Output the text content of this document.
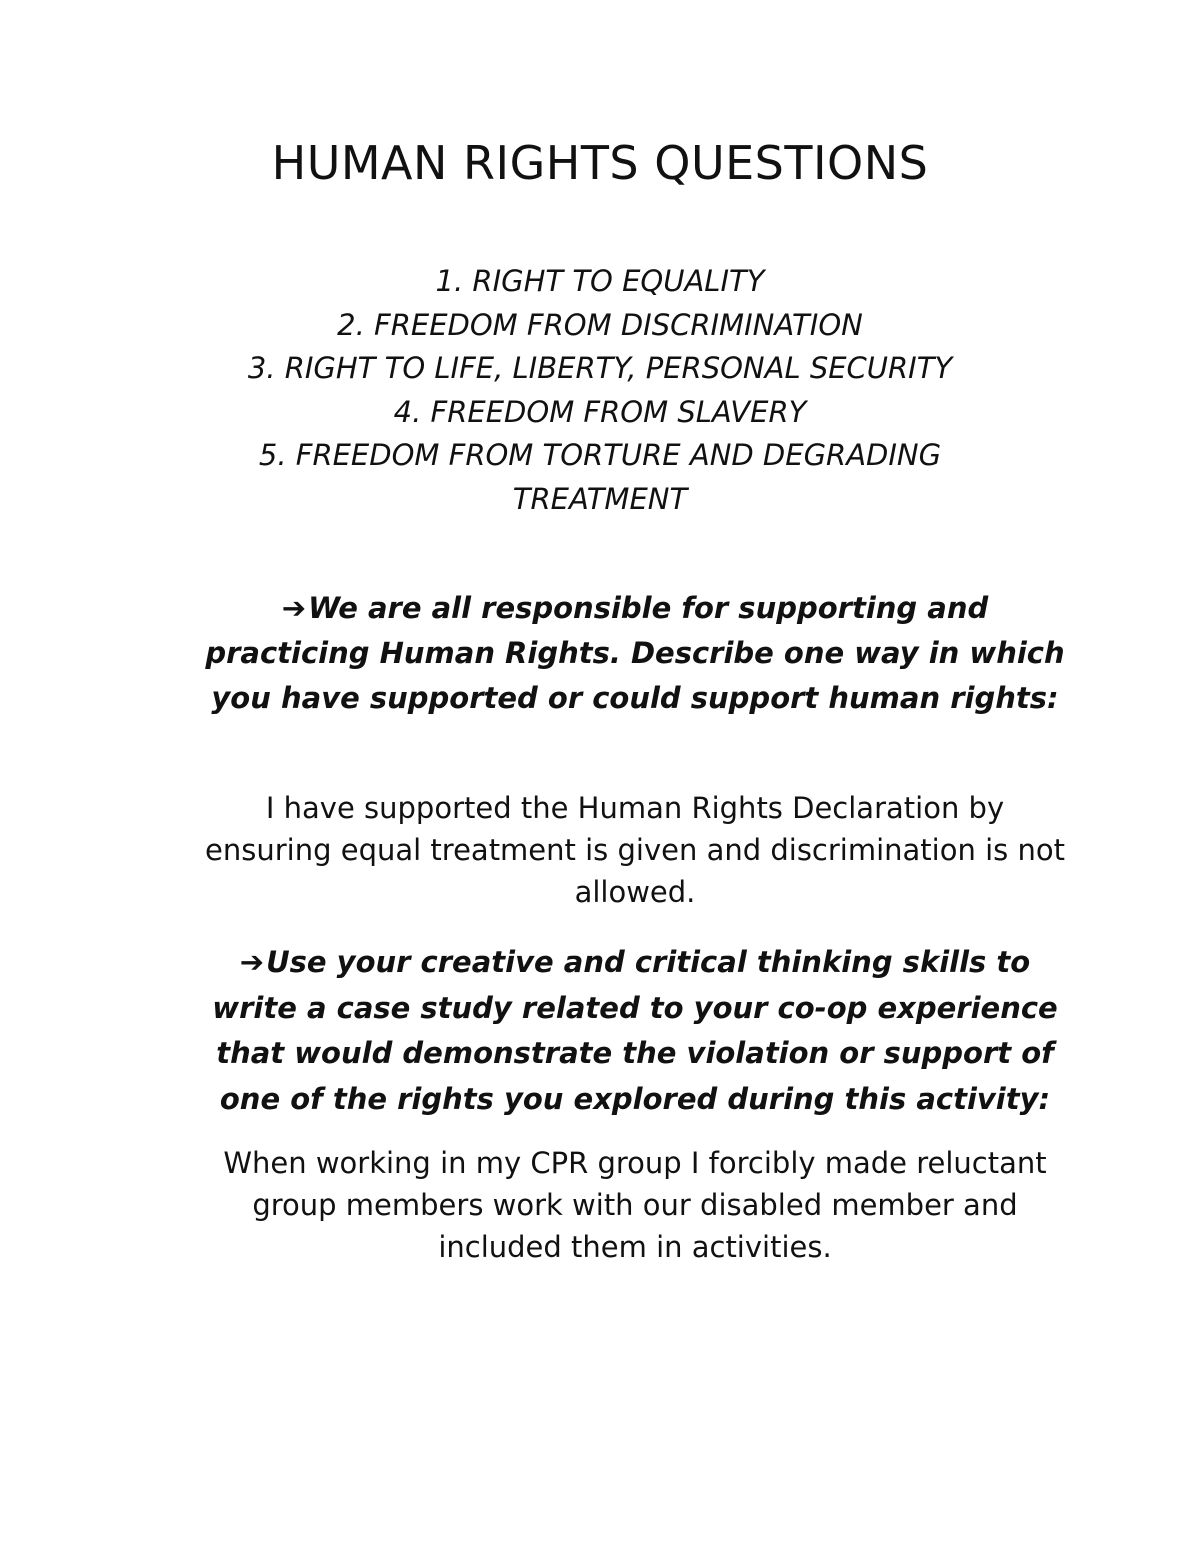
HUMAN RIGHTS QUESTIONS
1. RIGHT TO EQUALITY
2. FREEDOM FROM DISCRIMINATION
3. RIGHT TO LIFE, LIBERTY, PERSONAL SECURITY
4. FREEDOM FROM SLAVERY
5. FREEDOM FROM TORTURE AND DEGRADING TREATMENT

➔We are all responsible for supporting and practicing Human Rights. Describe one way in which you have supported or could support human rights:

I have supported the Human Rights Declaration by ensuring equal treatment is given and discrimination is not allowed.

➔Use your creative and critical thinking skills to write a case study related to your co-op experience that would demonstrate the violation or support of one of the rights you explored during this activity:

When working in my CPR group I forcibly made reluctant group members work with our disabled member and included them in activities.
